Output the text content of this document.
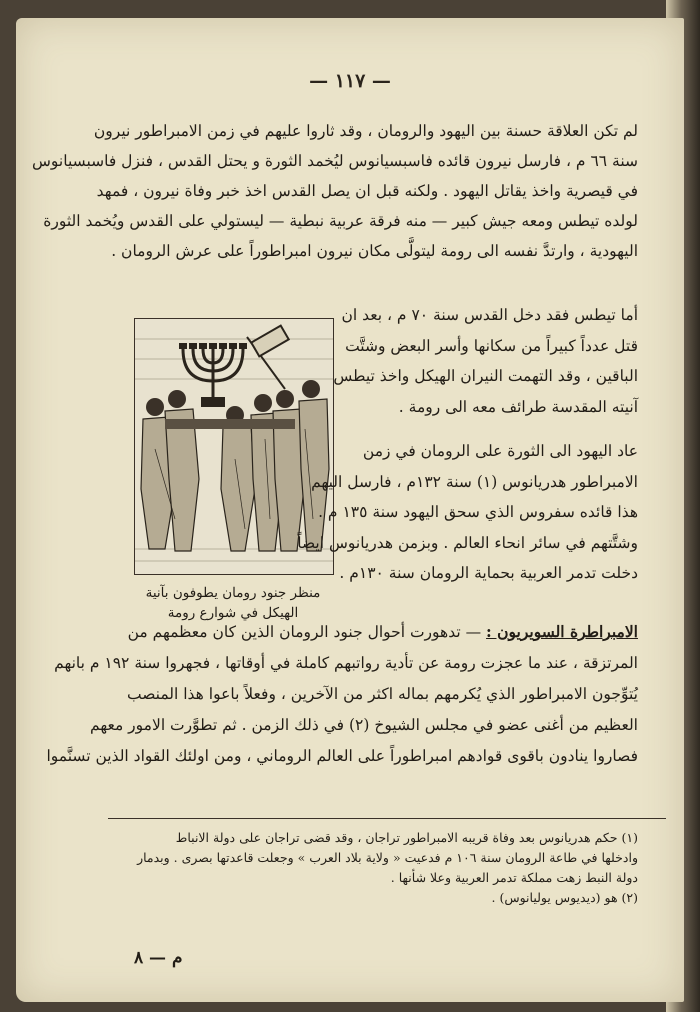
— ١١٧ —
لم تكن العلاقة حسنة بين اليهود والرومان ، وقد ثاروا عليهم في زمن الامبراطور نيرون
سنة ٦٦ م ، فارسل نيرون قائده فاسبسيانوس ليُخمد الثورة و يحتل القدس ، فنزل فاسبسيانوس
في قيصرية واخذ يقاتل اليهود . ولكنه قبل ان يصل القدس اخذ خبر وفاة نيرون ، فمهد
لولده تيطس ومعه جيش كبير — منه فرقة عربية نبطية — ليستولي على القدس ويُخمد الثورة
اليهودية ، وارتدَّ نفسه الى رومة ليتولَّى مكان نيرون امبراطوراً على عرش الرومان .
منظر جنود رومان يطوفون بآنية
الهيكل في شوارع رومة
أما تيطس فقد دخل القدس سنة ٧٠ م ، بعد ان
قتل عدداً كبيراً من سكانها وأسر البعض وشتَّت
الباقين ، وقد التهمت النيران الهيكل واخذ تيطس
آنيته المقدسة طرائف معه الى رومة .
عاد اليهود الى الثورة على الرومان في زمن
الامبراطور هدريانوس (١) سنة ١٣٢م ، فارسل اليهم
هذا قائده سفروس الذي سحق اليهود سنة ١٣٥ م .
وشتَّتهم في سائر انحاء العالم . وبزمن هدريانوس ايضاً
دخلت تدمر العربية بحماية الرومان سنة ١٣٠م .
الامبراطرة السويريون : — تدهورت أحوال جنود الرومان الذين كان معظمهم من
المرتزقة ، عند ما عجزت رومة عن تأدية رواتبهم كاملة في أوقاتها ، فجهروا سنة ١٩٢ م بانهم
يُتوِّجون الامبراطور الذي يُكرمهم بماله اكثر من الآخرين ، وفعلاً باعوا هذا المنصب
العظيم من أغنى عضو في مجلس الشيوخ (٢) في ذلك الزمن . ثم تطوَّرت الامور معهم
فصاروا ينادون باقوى قوادهم امبراطوراً على العالم الروماني ، ومن اولئك القواد الذين تسنَّموا
(١) حكم هدريانوس بعد وفاة قريبه الامبراطور تراجان ، وقد قضى تراجان على دولة الانباط
وادخلها في طاعة الرومان سنة ١٠٦ م فدعيت « ولاية بلاد العرب » وجعلت قاعدتها بصرى . وبدمار
دولة النبط زهت مملكة تدمر العربية وعلا شأنها .
(٢) هو (ديديوس يوليانوس) .
م — ٨
